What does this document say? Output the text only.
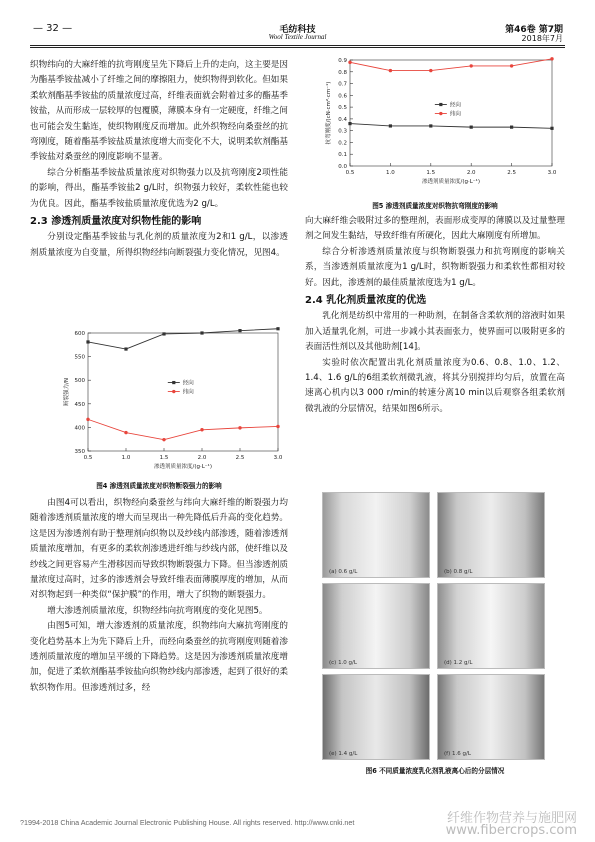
— 32 —	毛纺科技
Wool Textile Journal
第46卷 第7期
2018年7月

织物纬向的大麻纤维的抗弯刚度呈先下降后上升的走向，这主要是因为酯基季铵盐减小了纤维之间的摩擦阻力，使织物得到软化。但如果柔软剂酯基季铵盐的质量浓度过高，纤维表面就会附着过多的酯基季铵盐，从而形成一层较厚的包覆膜，薄膜本身有一定硬度，纤维之间也可能会发生黏连，使织物刚度反而增加。此外织物经向桑蚕丝的抗弯刚度，随着酯基季铵盐质量浓度增大而变化不大，说明柔软剂酯基季铵盐对桑蚕丝的刚度影响不显著。

综合分析酯基季铵盐质量浓度对织物强力以及抗弯刚度2项性能的影响，得出，酯基季铵盐2 g/L时，织物强力较好，柔软性能也较为优良。因此，酯基季铵盐质量浓度优选为2 g/L。

2.3 渗透剂质量浓度对织物性能的影响

分别设定酯基季铵盐与乳化剂的质量浓度为2和1 g/L，以渗透剂质量浓度为自变量，所得织物经纬向断裂强力变化情况，见图4。

350
400
450
500
550
600
0.5	1.0	1.5	2.0	2.5	3.0
渗透剂质量浓度/(g·L⁻¹)
断裂强力/N	经向
纬向
图4 渗透剂质量浓度对织物断裂强力的影响

由图4可以看出，织物经向桑蚕丝与纬向大麻纤维的断裂强力均随着渗透剂质量浓度的增大而呈现出一种先降低后升高的变化趋势。这是因为渗透剂有助于整理剂向织物以及纱线内部渗透，随着渗透剂质量浓度增加，有更多的柔软剂渗透进纤维与纱线内部，使纤维以及纱线之间更容易产生滑移因而导致织物断裂强力下降。但当渗透剂质量浓度过高时，过多的渗透剂会导致纤维表面薄膜厚度的增加，从而对织物起到一种类似“保护膜”的作用，增大了织物的断裂强力。

增大渗透剂质量浓度，织物经纬向抗弯刚度的变化见图5。

由图5可知，增大渗透剂的质量浓度，织物纬向大麻抗弯刚度的变化趋势基本上为先下降后上升，而经向桑蚕丝的抗弯刚度则随着渗透剂质量浓度的增加呈平缓的下降趋势。这是因为渗透剂质量浓度增加，促进了柔软剂酯基季铵盐向织物纱线内部渗透，起到了很好的柔软织物作用。但渗透剂过多，经

0.0
0.1
0.2
0.3
0.4
0.5
0.6
0.7
0.8
0.9
0.5	1.0	1.5	2.0	2.5	3.0
渗透剂质量浓度/(g·L⁻¹)
抗弯刚度/(cN·cm²·cm⁻¹)	经向
纬向
图5 渗透剂质量浓度对织物抗弯刚度的影响

向大麻纤维会吸附过多的整理剂，表面形成变厚的薄膜以及过量整理剂之间发生黏结，导致纤维有所硬化，因此大麻刚度有所增加。

综合分析渗透剂质量浓度与织物断裂强力和抗弯刚度的影响关系，当渗透剂质量浓度为1 g/L时，织物断裂强力和柔软性都相对较好。因此，渗透剂的最佳质量浓度选为1 g/L。

2.4 乳化剂质量浓度的优选

乳化剂是纺织中常用的一种助剂，在制备含柔软剂的溶液时如果加入适量乳化剂，可进一步减小其表面张力，使界面可以吸附更多的表面活性剂以及其他助剂[14]。

实验时依次配置出乳化剂质量浓度为0.6、0.8、1.0、1.2、1.4、1.6 g/L的6组柔软剂微乳液，将其分别搅拌均匀后，放置在高速离心机内以3 000 r/min的转速分离10 min以后观察各组柔软剂微乳液的分层情况，结果如图6所示。

(a) 0.6 g/L	(b) 0.8 g/L
(c) 1.0 g/L	(d) 1.2 g/L
(e) 1.4 g/L	(f) 1.6 g/L
图6 不同质量浓度乳化剂乳液离心后的分层情况
?1994-2018 China Academic Journal Electronic Publishing House. All rights reserved. http://www.cnki.net	纤维作物营养与施肥网
www.fibercrops.com
